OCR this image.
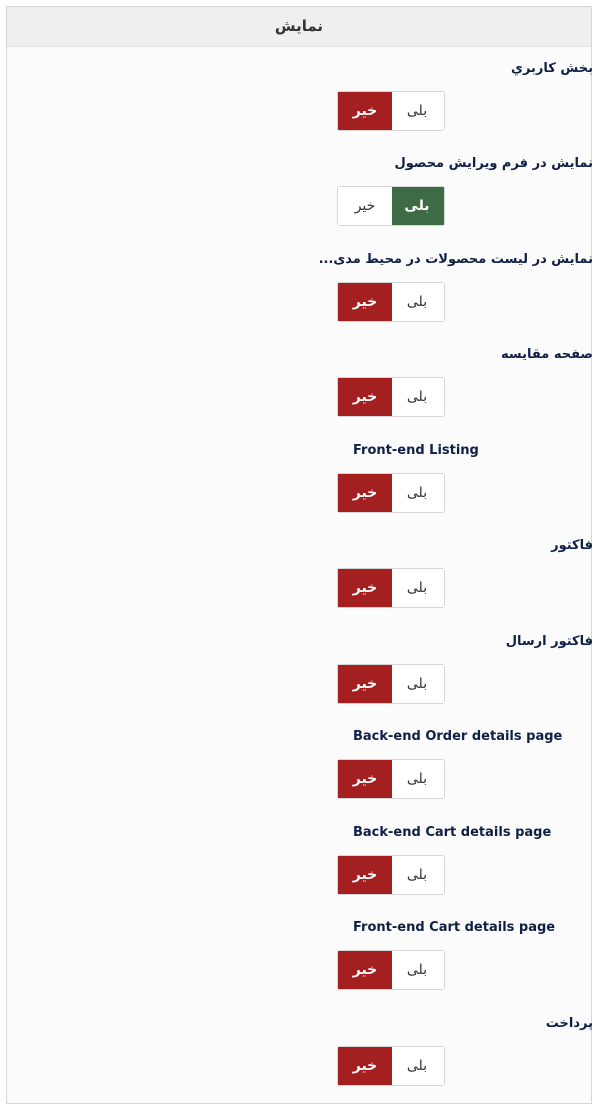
نمایش
بخش کاربري
بلی
خیر
نمایش در فرم ویرایش محصول
بلی
خیر
نمایش در لیست محصولات در محیط مدی...
بلی
خیر
صفحه مقایسه
بلی
خیر
Front-end Listing
بلی
خیر
فاکتور
بلی
خیر
فاکتور ارسال
بلی
خیر
Back-end Order details page
بلی
خیر
Back-end Cart details page
بلی
خیر
Front-end Cart details page
بلی
خیر
پرداخت
بلی
خیر
